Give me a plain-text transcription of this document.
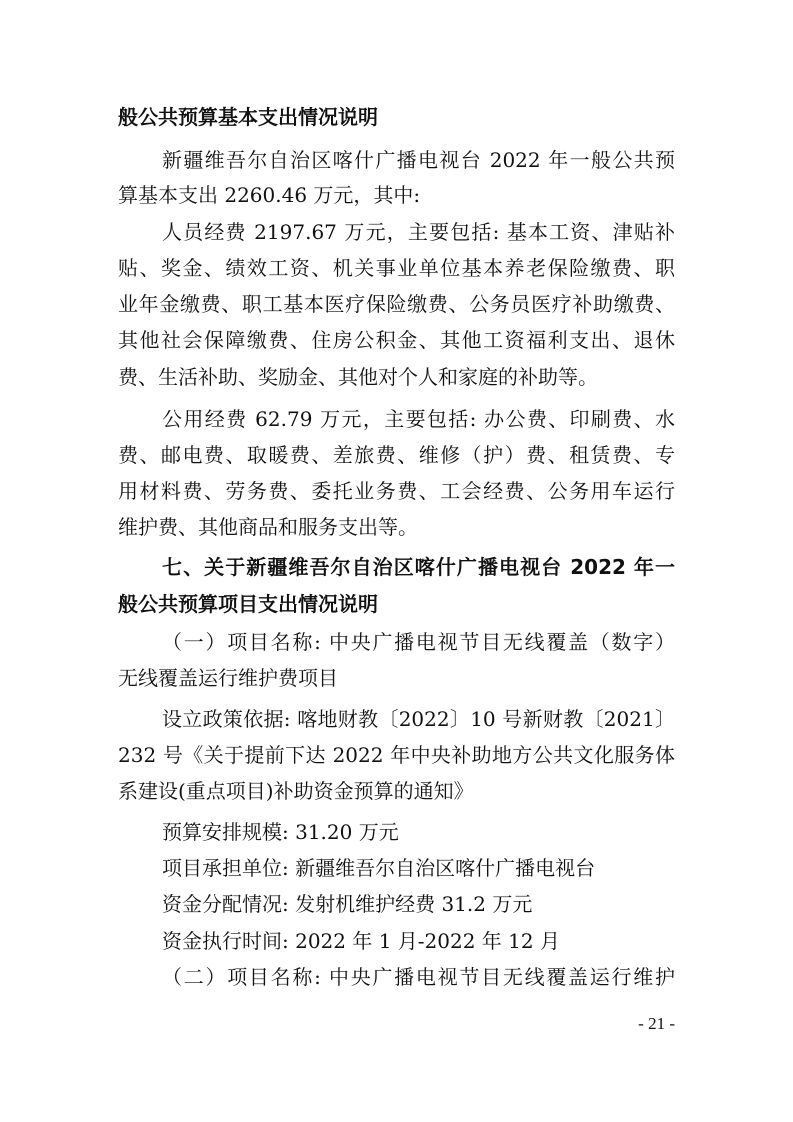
般公共预算基本支出情况说明
新疆维吾尔自治区喀什广播电视台 2022 年一般公共预
算基本支出 2260.46 万元，其中:
人员经费 2197.67 万元，主要包括: 基本工资、津贴补
贴、奖金、绩效工资、机关事业单位基本养老保险缴费、职
业年金缴费、职工基本医疗保险缴费、公务员医疗补助缴费、
其他社会保障缴费、住房公积金、其他工资福利支出、退休
费、生活补助、奖励金、其他对个人和家庭的补助等。
公用经费 62.79 万元，主要包括: 办公费、印刷费、水
费、邮电费、取暖费、差旅费、维修（护）费、租赁费、专
用材料费、劳务费、委托业务费、工会经费、公务用车运行
维护费、其他商品和服务支出等。
七、关于新疆维吾尔自治区喀什广播电视台 2022 年一
般公共预算项目支出情况说明
（一）项目名称: 中央广播电视节目无线覆盖（数字）
无线覆盖运行维护费项目
设立政策依据: 喀地财教〔2022〕10 号新财教〔2021〕
232 号《关于提前下达 2022 年中央补助地方公共文化服务体
系建设(重点项目)补助资金预算的通知》
预算安排规模: 31.20 万元
项目承担单位: 新疆维吾尔自治区喀什广播电视台
资金分配情况: 发射机维护经费 31.2 万元
资金执行时间: 2022 年 1 月-2022 年 12 月
（二）项目名称: 中央广播电视节目无线覆盖运行维护
- 21 -
